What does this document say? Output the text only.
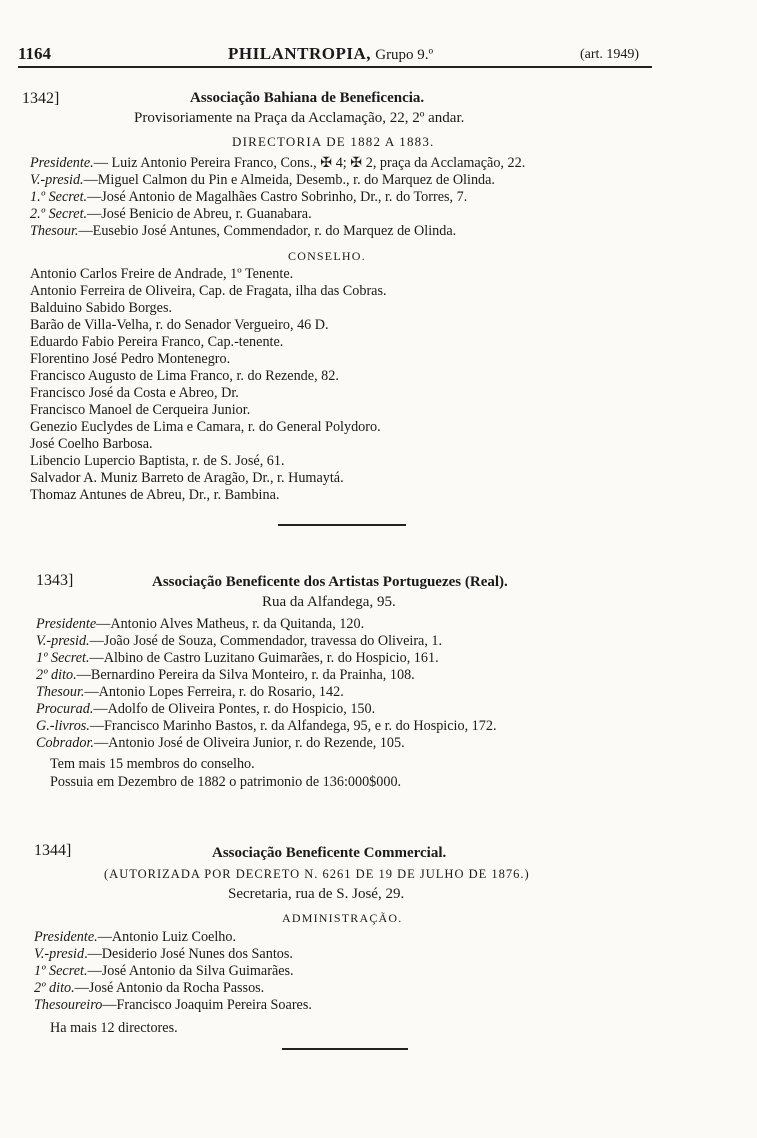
1164	PHILANTROPIA, Grupo 9.º	(art. 1949)
1342]	Associação Bahiana de Beneficencia.
Provisoriamente na Praça da Acclamação, 22, 2º andar.
DIRECTORIA DE 1882 A 1883.
Presidente.— Luiz Antonio Pereira Franco, Cons., ✠ 4; ✠ 2, praça da Acclamação, 22.
V.-presid.—Miguel Calmon du Pin e Almeida, Desemb., r. do Marquez de Olinda.
1.º Secret.—José Antonio de Magalhães Castro Sobrinho, Dr., r. do Torres, 7.
2.º Secret.—José Benicio de Abreu, r. Guanabara.
Thesour.—Eusebio José Antunes, Commendador, r. do Marquez de Olinda.
CONSELHO.
Antonio Carlos Freire de Andrade, 1º Tenente.
Antonio Ferreira de Oliveira, Cap. de Fragata, ilha das Cobras.
Balduino Sabido Borges.
Barão de Villa-Velha, r. do Senador Vergueiro, 46 D.
Eduardo Fabio Pereira Franco, Cap.-tenente.
Florentino José Pedro Montenegro.
Francisco Augusto de Lima Franco, r. do Rezende, 82.
Francisco José da Costa e Abreo, Dr.
Francisco Manoel de Cerqueira Junior.
Genezio Euclydes de Lima e Camara, r. do General Polydoro.
José Coelho Barbosa.
Libencio Lupercio Baptista, r. de S. José, 61.
Salvador A. Muniz Barreto de Aragão, Dr., r. Humaytá.
Thomaz Antunes de Abreu, Dr., r. Bambina.
1343]	Associação Beneficente dos Artistas Portuguezes (Real).
Rua da Alfandega, 95.
Presidente—Antonio Alves Matheus, r. da Quitanda, 120.
V.-presid.—João José de Souza, Commendador, travessa do Oliveira, 1.
1º Secret.—Albino de Castro Luzitano Guimarães, r. do Hospicio, 161.
2º dito.—Bernardino Pereira da Silva Monteiro, r. da Prainha, 108.
Thesour.—Antonio Lopes Ferreira, r. do Rosario, 142.
Procurad.—Adolfo de Oliveira Pontes, r. do Hospicio, 150.
G.-livros.—Francisco Marinho Bastos, r. da Alfandega, 95, e r. do Hospicio, 172.
Cobrador.—Antonio José de Oliveira Junior, r. do Rezende, 105.
Tem mais 15 membros do conselho.
Possuia em Dezembro de 1882 o patrimonio de 136:000$000.
1344]	Associação Beneficente Commercial.
(AUTORIZADA POR DECRETO N. 6261 DE 19 DE JULHO DE 1876.)
Secretaria, rua de S. José, 29.
ADMINISTRAÇÃO.
Presidente.—Antonio Luiz Coelho.
V.-presid.—Desiderio José Nunes dos Santos.
1º Secret.—José Antonio da Silva Guimarães.
2º dito.—José Antonio da Rocha Passos.
Thesoureiro—Francisco Joaquim Pereira Soares.
Ha mais 12 directores.
